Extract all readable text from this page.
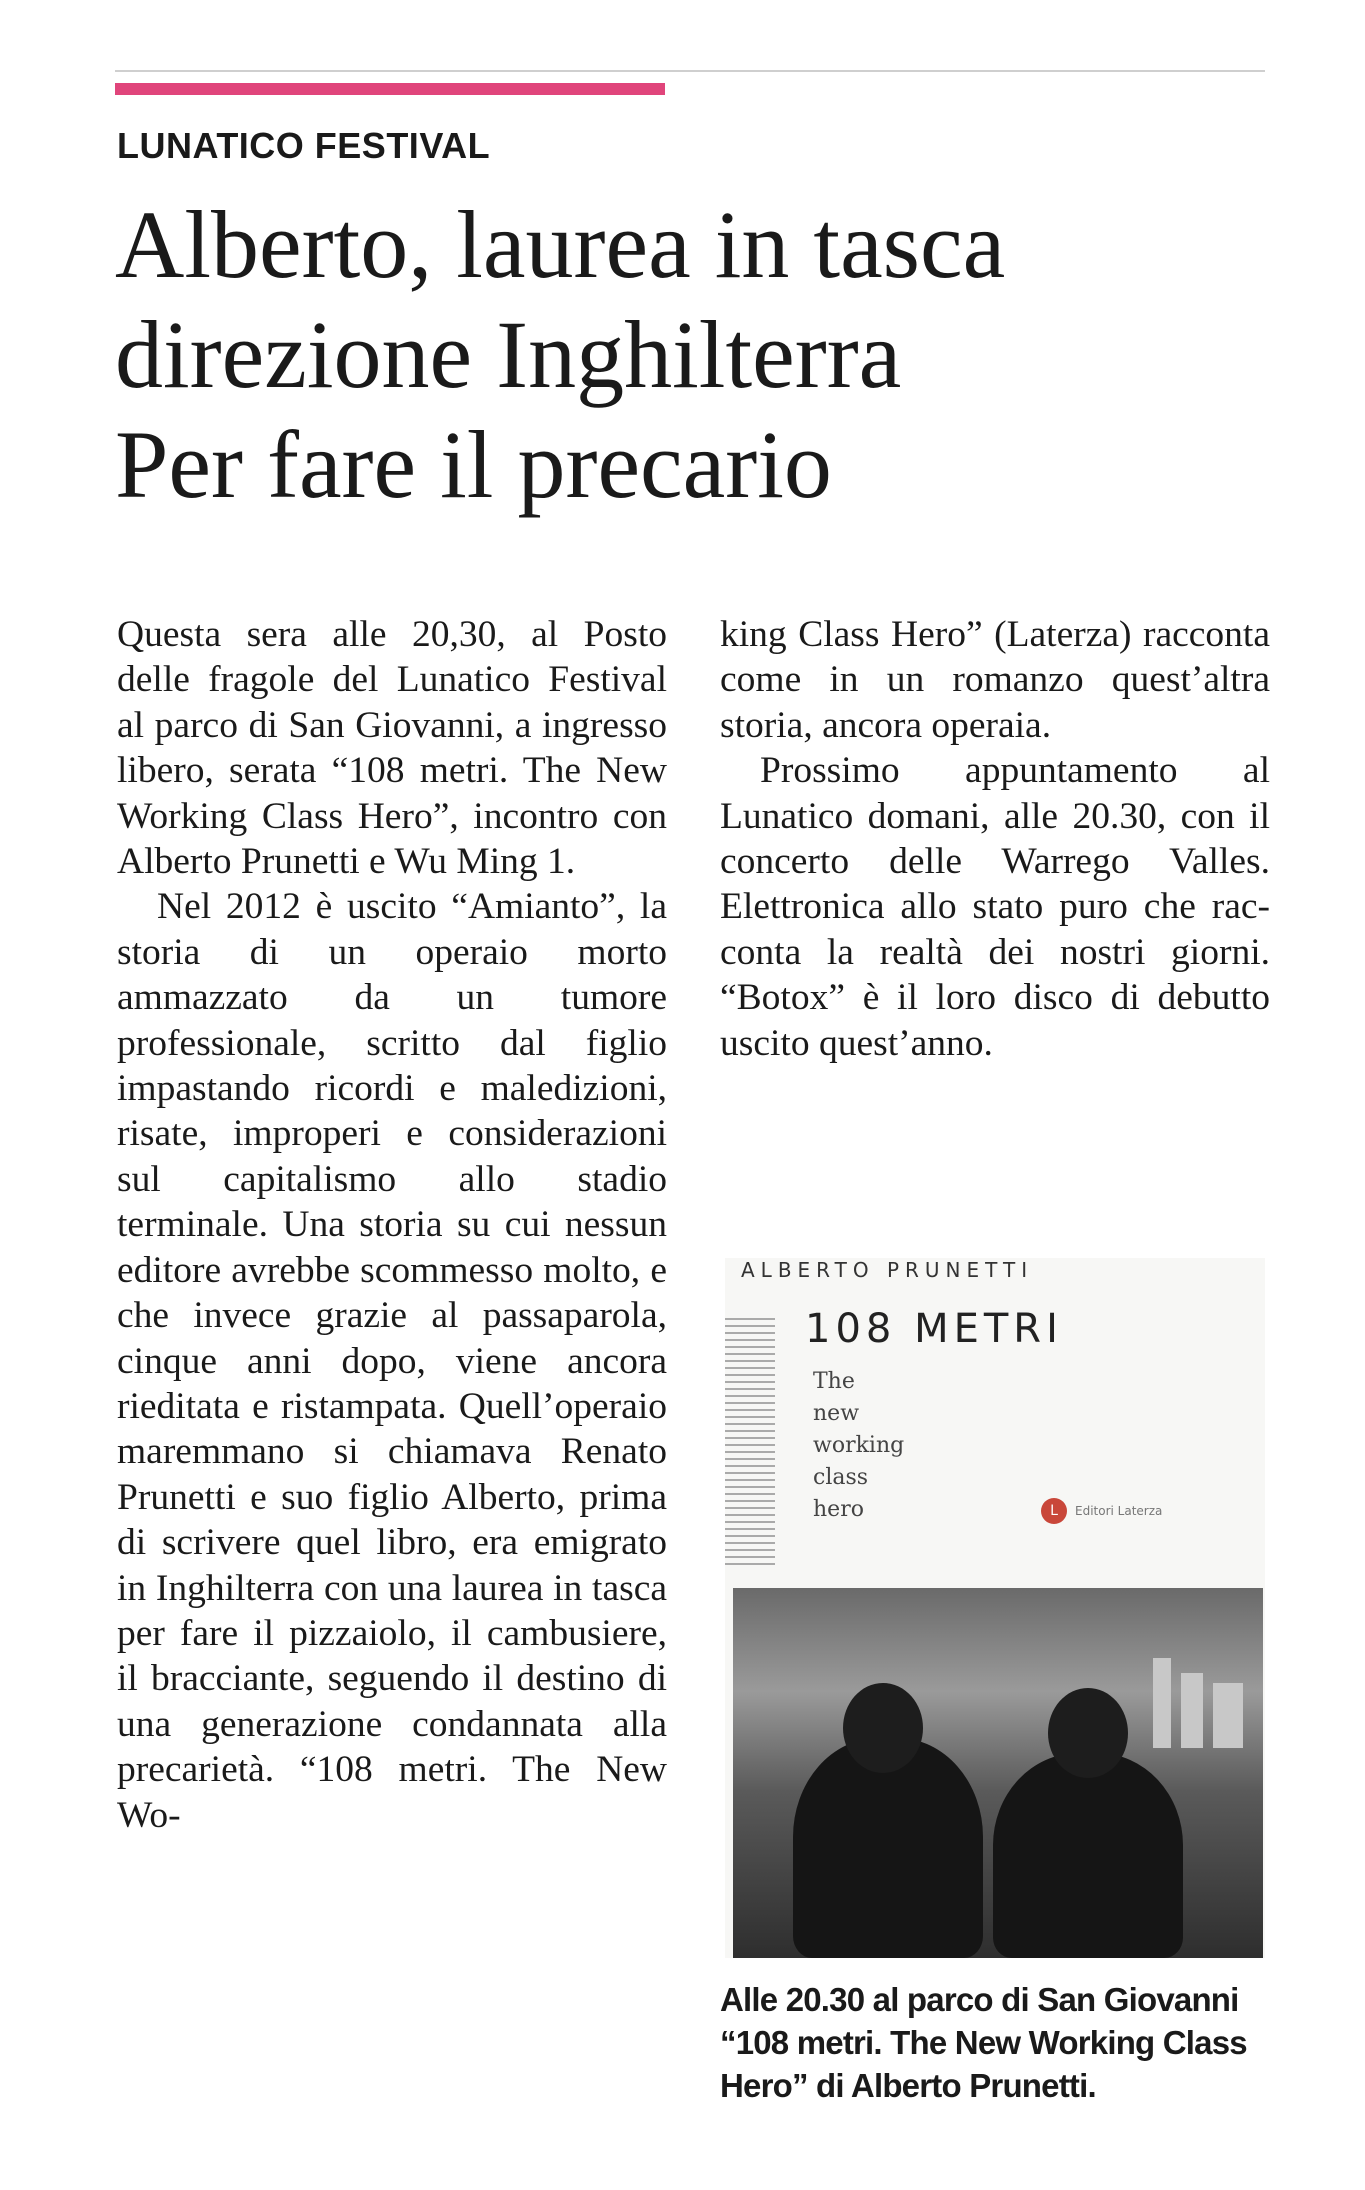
LUNATICO FESTIVAL
Alberto, laurea in tasca
direzione Inghilterra
Per fare il precario

Questa sera alle 20,30, al Posto delle fragole del Lunatico Festival al parco di San Giovanni, a ingresso libero, serata “108 metri. The New Working Class Hero”, incontro con Alberto Prunetti e Wu Ming 1.

Nel 2012 è uscito “Amianto”, la storia di un operaio morto ammazzato da un tumore professionale, scritto dal figlio impastando ricordi e maledizioni, risate, improperi e considerazioni sul capitalismo allo stadio terminale. Una storia su cui nessun editore avrebbe scommesso molto, e che invece grazie al passaparola, cinque anni dopo, viene ancora rieditata e ristampata. Quell’operaio maremmano si chiamava Renato Prunetti e suo figlio Alberto, prima di scrivere quel libro, era emigrato in Inghilterra con una laurea in tasca per fare il pizzaiolo, il cambusiere, il bracciante, seguendo il destino di una generazione condannata alla precarietà. “108 metri. The New Wo-

king Class Hero” (Laterza) racconta come in un romanzo quest’altra storia, ancora operaia.

Prossimo appuntamento al Lunatico domani, alle 20.30, con il concerto delle Warrego Valles. Elettronica allo stato puro che racconta la realtà dei nostri giorni. “Botox” è il loro disco di debutto uscito quest’anno.

ALBERTO PRUNETTI
108 METRI
The
new
working
class
hero	L	Editori Laterza
Alle 20.30 al parco di San Giovanni “108 metri. The New Working Class Hero” di Alberto Prunetti.
